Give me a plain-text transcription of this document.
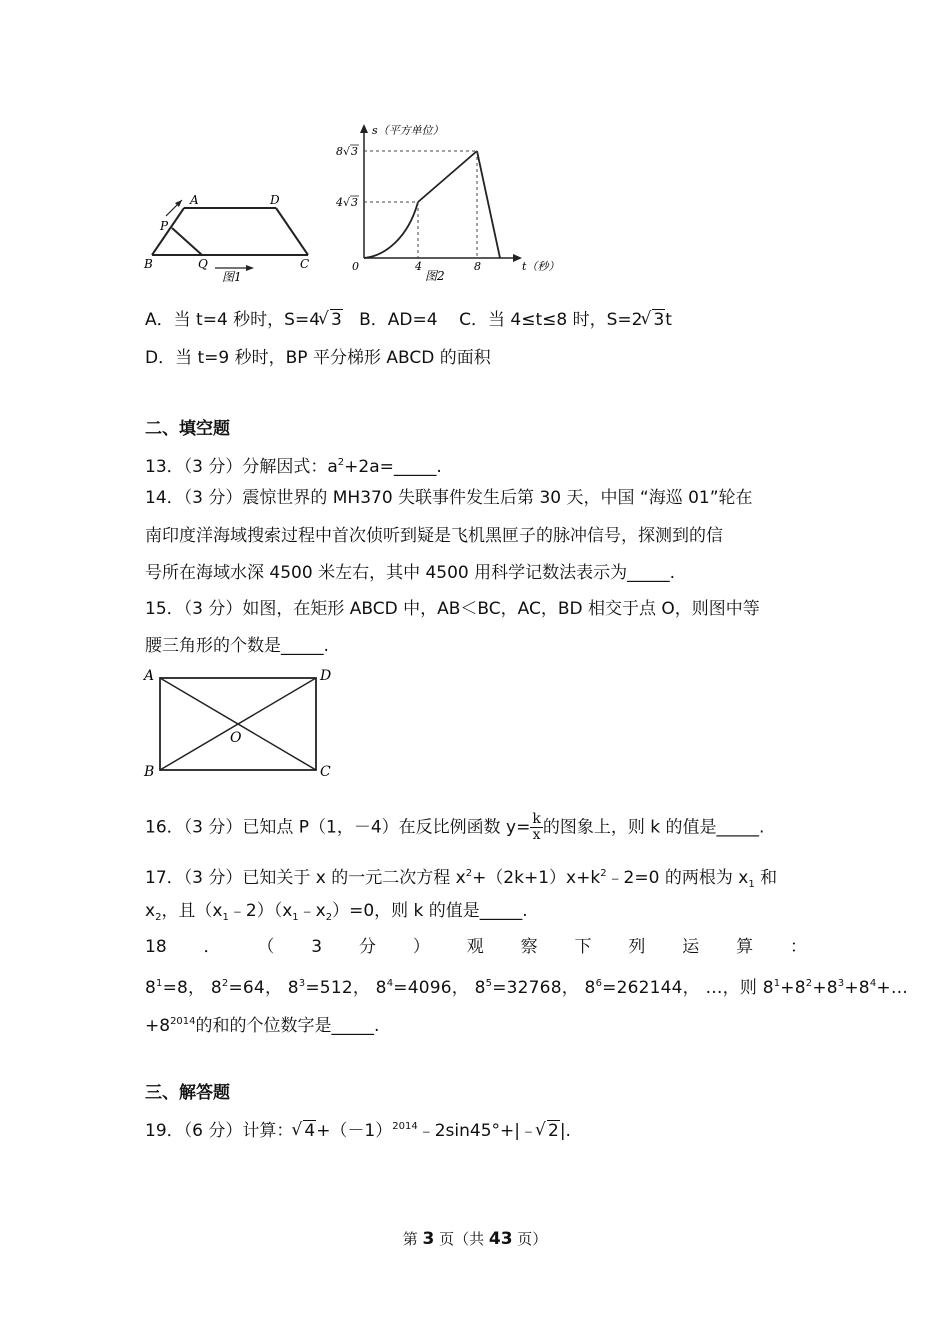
A	D
P
B	Q	C
图1
s（平方单位）
8 √ 3
4 √ 3
0	4	8	t（秒）
图2
A．当 t=4 秒时，S=4√ 3 B．AD=4 C．当 4≤t≤8 时，S=2√ 3t
D．当 t=9 秒时，BP 平分梯形 ABCD 的面积
二、填空题
13．（3 分）分解因式：$a^2+2a=\_\_\_\_\_$.
14．（3 分）震惊世界的 MH370 失联事件发生后第 30 天，中国 “海巡 01”轮在
南印度洋海域搜索过程中首次侦听到疑是飞机黑匣子的脉冲信号，探测到的信
号所在海域水深 4500 米左右，其中 4500 用科学记数法表示为_____.
15．（3 分）如图，在矩形 ABCD 中，AB＜BC，AC，BD 相交于点 O，则图中等
腰三角形的个数是_____.
A	D
O
B	C
16．（3 分）已知点 P（1，－4）在反比例函数 $y= \frac{k}{x}$ 的图象上，则 k 的值是_____.
17．（3 分）已知关于 x 的一元二次方程 $x^2+(2k+1)x+k^2﹣2=0$ 的两根为 $x_1$ 和
$x_2$，且$(x_1﹣2)(x_1﹣x_2)=0$，则 k 的值是_____.
18 ． （ 3 分 ） 观 察 下 列 运 算 ：
$8^1=8$， $8^2=64$， $8^3=512$， $8^4=4096$， $8^5=32768$， $8^6=262144$， …，则 $8^1+8^2+8^3+8^4+\dots$
$+8^{2014}$的和的个位数字是_____.
三、解答题
19．（6 分）计算：√ $4+(-1)^{2014}﹣2\sin 45^\circ+|﹣√$ 2|.
第 3 页（共 43 页）
